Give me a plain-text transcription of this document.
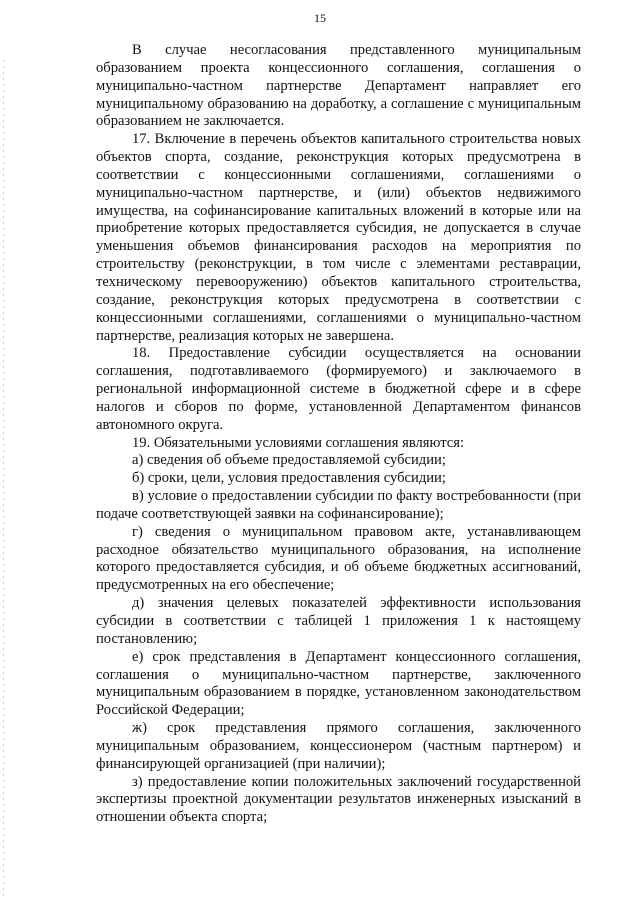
15

В случае несогласования представленного муниципальным образованием проекта концессионного соглашения, соглашения о муниципально-частном партнерстве Департамент направляет его муниципальному образованию на доработку, а соглашение с муниципальным образованием не заключается.

17. Включение в перечень объектов капитального строительства новых объектов спорта, создание, реконструкция которых предусмотрена в соответствии с концессионными соглашениями, соглашениями о муниципально-частном партнерстве, и (или) объектов недвижимого имущества, на софинансирование капитальных вложений в которые или на приобретение которых предоставляется субсидия, не допускается в случае уменьшения объемов финансирования расходов на мероприятия по строительству (реконструкции, в том числе с элементами реставрации, техническому перевооружению) объектов капитального строительства, создание, реконструкция которых предусмотрена в соответствии с концессионными соглашениями, соглашениями о муниципально-частном партнерстве, реализация которых не завершена.

18. Предоставление субсидии осуществляется на основании соглашения, подготавливаемого (формируемого) и заключаемого в региональной информационной системе в бюджетной сфере и в сфере налогов и сборов по форме, установленной Департаментом финансов автономного округа.

19. Обязательными условиями соглашения являются:

а) сведения об объеме предоставляемой субсидии;

б) сроки, цели, условия предоставления субсидии;

в) условие о предоставлении субсидии по факту востребованности (при подаче соответствующей заявки на софинансирование);

г) сведения о муниципальном правовом акте, устанавливающем расходное обязательство муниципального образования, на исполнение которого предоставляется субсидия, и об объеме бюджетных ассигнований, предусмотренных на его обеспечение;

д) значения целевых показателей эффективности использования субсидии в соответствии с таблицей 1 приложения 1 к настоящему постановлению;

е) срок представления в Департамент концессионного соглашения, соглашения о муниципально-частном партнерстве, заключенного муниципальным образованием в порядке, установленном законодательством Российской Федерации;

ж) срок представления прямого соглашения, заключенного муниципальным образованием, концессионером (частным партнером) и финансирующей организацией (при наличии);

з) предоставление копии положительных заключений государственной экспертизы проектной документации результатов инженерных изысканий в отношении объекта спорта;
